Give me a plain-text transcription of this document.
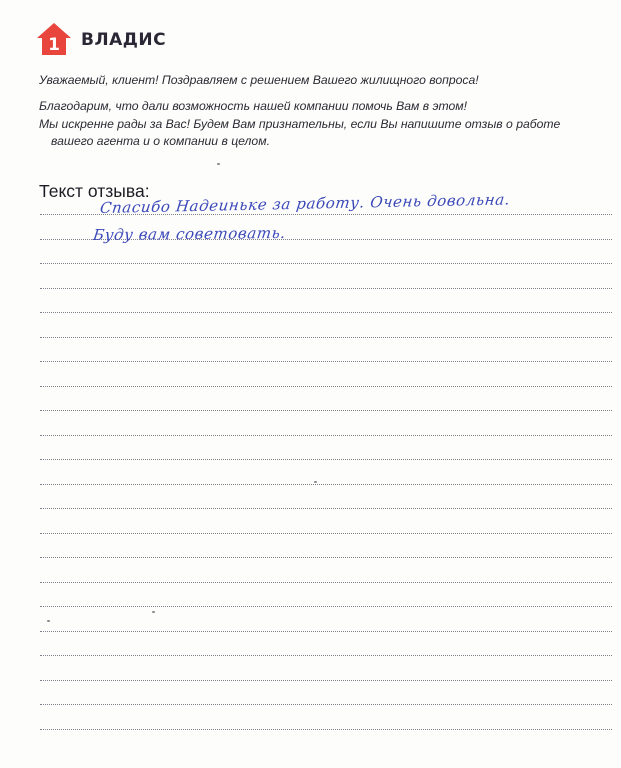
1 ВЛАДИС
Уважаемый, клиент! Поздравляем с решением Вашего жилищного вопроса!
Благодарим, что дали возможность нашей компании помочь Вам в этом!
Мы искренне рады за Вас! Будем Вам признательны, если Вы напишите отзыв о работе
вашего агента и о компании в целом.
Текст отзыва:
Спасибо Надеиньке за работу. Очень довольна.
Буду вам советовать.
